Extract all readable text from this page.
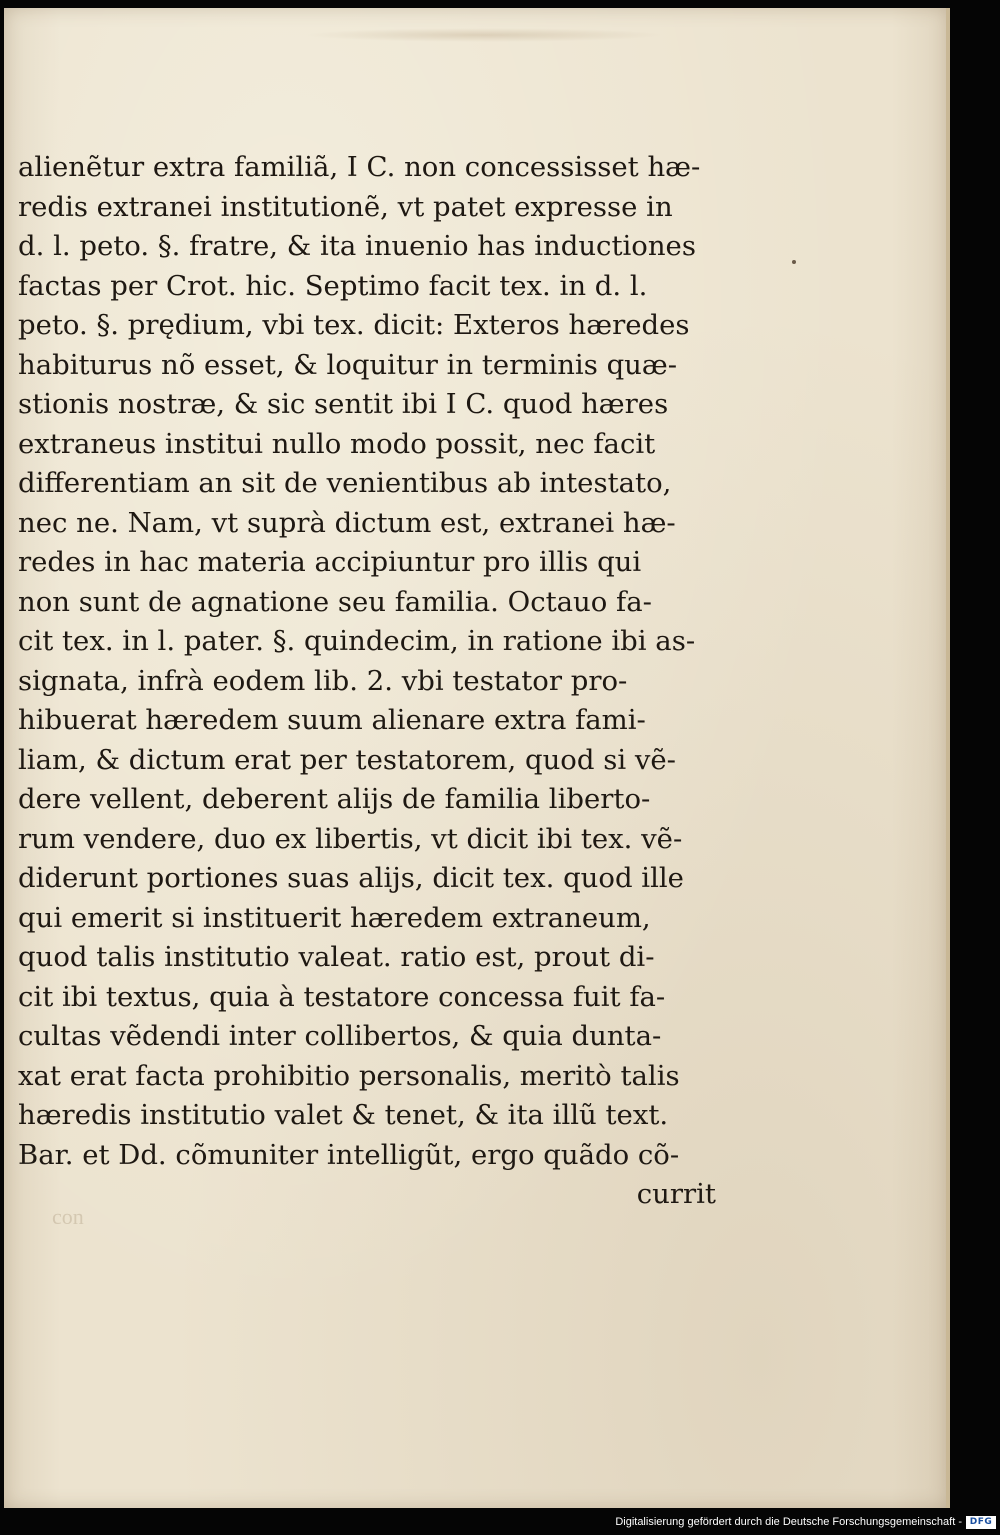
alienẽtur extra familiã, I C. non concessisset hæ-
redis extranei institutionẽ, vt patet expresse in
d. l. peto. §. fratre, & ita inuenio has inductiones
factas per Crot. hic. Septimo facit tex. in d. l.
peto. §. prędium, vbi tex. dicit: Exteros hæredes
habiturus nõ esset, & loquitur in terminis quæ-
stionis nostræ, & sic sentit ibi I C. quod hæres
extraneus institui nullo modo possit, nec facit
differentiam an sit de venientibus ab intestato,
nec ne. Nam, vt suprà dictum est, extranei hæ-
redes in hac materia accipiuntur pro illis qui
non sunt de agnatione seu familia. Octauo fa-
cit tex. in l. pater. §. quindecim, in ratione ibi as-
signata, infrà eodem lib. 2. vbi testator pro-
hibuerat hæredem suum alienare extra fami-
liam, & dictum erat per testatorem, quod si vẽ-
dere vellent, deberent alijs de familia liberto-
rum vendere, duo ex libertis, vt dicit ibi tex. vẽ-
diderunt portiones suas alijs, dicit tex. quod ille
qui emerit si instituerit hæredem extraneum,
quod talis institutio valeat. ratio est, prout di-
cit ibi textus, quia à testatore concessa fuit fa-
cultas vẽdendi inter collibertos, & quia dunta-
xat erat facta prohibitio personalis, meritò talis
hæredis institutio valet & tenet, & ita illũ text.
Bar. et Dd. cõmuniter intelligũt, ergo quãdo cõ-
currit
con
Digitalisierung gefördert durch die Deutsche Forschungsgemeinschaft - DFG
